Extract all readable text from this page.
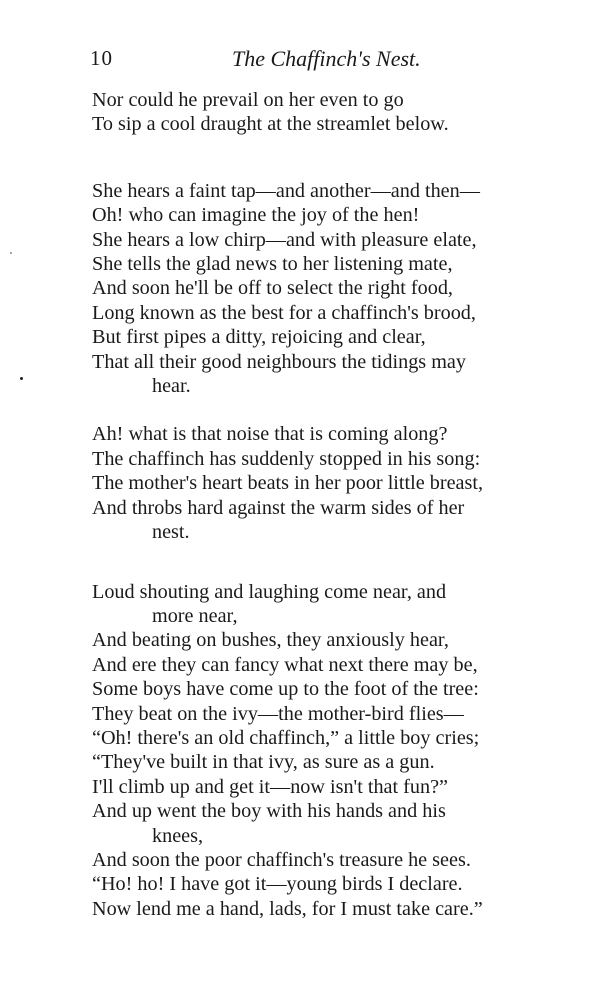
10	The Chaffinch's Nest.
Nor could he prevail on her even to go
To sip a cool draught at the streamlet below.
She hears a faint tap—and another—and then—
Oh! who can imagine the joy of the hen!
She hears a low chirp—and with pleasure elate,
She tells the glad news to her listening mate,
And soon he'll be off to select the right food,
Long known as the best for a chaffinch's brood,
But first pipes a ditty, rejoicing and clear,
That all their good neighbours the tidings may
hear.
Ah! what is that noise that is coming along?
The chaffinch has suddenly stopped in his song:
The mother's heart beats in her poor little breast,
And throbs hard against the warm sides of her
nest.
Loud shouting and laughing come near, and
more near,
And beating on bushes, they anxiously hear,
And ere they can fancy what next there may be,
Some boys have come up to the foot of the tree:
They beat on the ivy—the mother-bird flies—
“Oh! there's an old chaffinch,” a little boy cries;
“They've built in that ivy, as sure as a gun.
I'll climb up and get it—now isn't that fun?”
And up went the boy with his hands and his
knees,
And soon the poor chaffinch's treasure he sees.
“Ho! ho! I have got it—young birds I declare.
Now lend me a hand, lads, for I must take care.”
